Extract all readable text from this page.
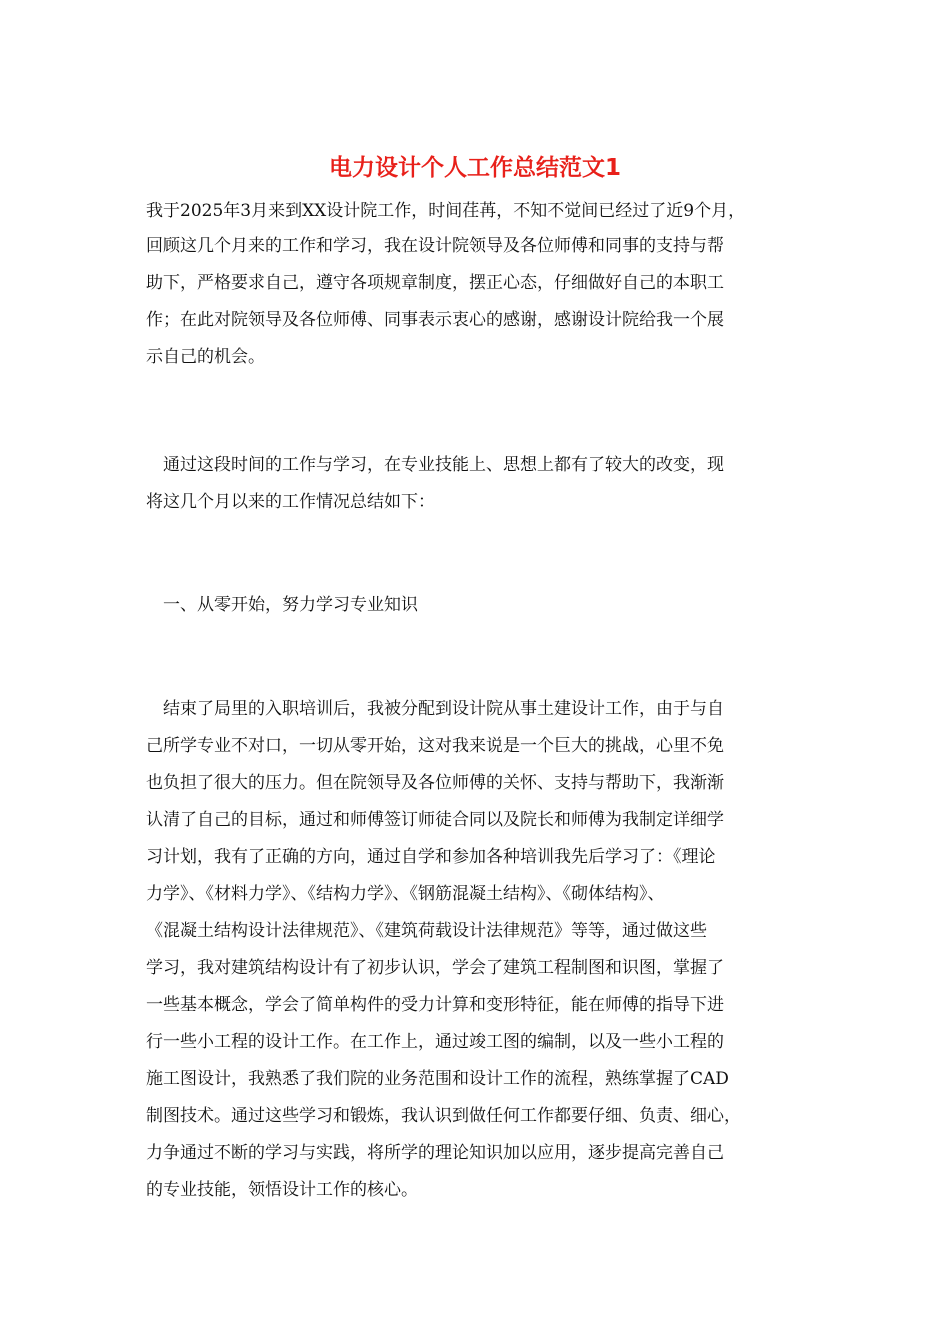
电力设计个人工作总结范文1
我于2025年3月来到XX设计院工作，时间荏苒，不知不觉间已经过了近9个月，
回顾这几个月来的工作和学习，我在设计院领导及各位师傅和同事的支持与帮
助下，严格要求自己，遵守各项规章制度，摆正心态，仔细做好自己的本职工
作；在此对院领导及各位师傅、同事表示衷心的感谢，感谢设计院给我一个展
示自己的机会。
　通过这段时间的工作与学习，在专业技能上、思想上都有了较大的改变，现
将这几个月以来的工作情况总结如下：
　一、从零开始，努力学习专业知识
　结束了局里的入职培训后，我被分配到设计院从事土建设计工作，由于与自
己所学专业不对口，一切从零开始，这对我来说是一个巨大的挑战，心里不免
也负担了很大的压力。但在院领导及各位师傅的关怀、支持与帮助下，我渐渐
认清了自己的目标，通过和师傅签订师徒合同以及院长和师傅为我制定详细学
习计划，我有了正确的方向，通过自学和参加各种培训我先后学习了：《理论
力学》、《材料力学》、《结构力学》、《钢筋混凝土结构》、《砌体结构》、
《混凝土结构设计法律规范》、《建筑荷载设计法律规范》等等，通过做这些
学习，我对建筑结构设计有了初步认识，学会了建筑工程制图和识图，掌握了
一些基本概念，学会了简单构件的受力计算和变形特征，能在师傅的指导下进
行一些小工程的设计工作。在工作上，通过竣工图的编制，以及一些小工程的
施工图设计，我熟悉了我们院的业务范围和设计工作的流程，熟练掌握了CAD
制图技术。通过这些学习和锻炼，我认识到做任何工作都要仔细、负责、细心，
力争通过不断的学习与实践，将所学的理论知识加以应用，逐步提高完善自己
的专业技能，领悟设计工作的核心。
